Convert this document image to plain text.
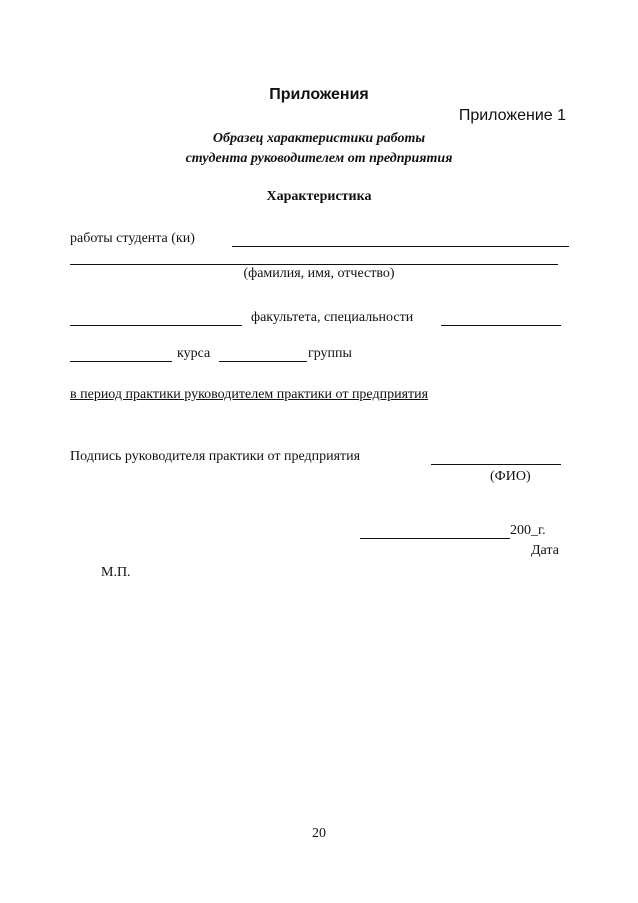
Приложения
Приложение 1
Образец характеристики работы
студента руководителем от предприятия
Характеристика
работы студента (ки)
(фамилия, имя, отчество)
факультета, специальности
курса	группы
в период практики руководителем практики от предприятия
Подпись руководителя практики от предприятия
(ФИО)
200_г.
Дата
М.П.
20
